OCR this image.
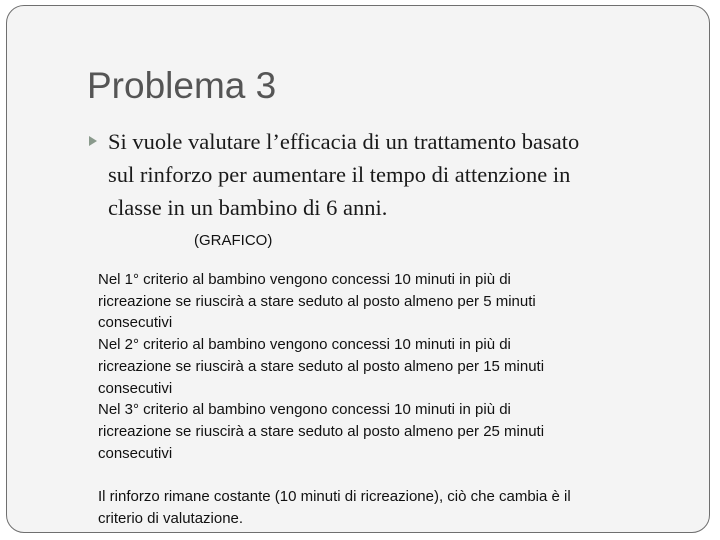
Problema 3

Si vuole valutare l’efficacia di un trattamento basato
sul rinforzo per aumentare il tempo di attenzione in
classe in un bambino di 6 anni.

(GRAFICO)
Nel 1° criterio al bambino vengono concessi 10 minuti in più di
ricreazione se riuscirà a stare seduto al posto almeno per 5 minuti
consecutivi
Nel 2° criterio al bambino vengono concessi 10 minuti in più di
ricreazione se riuscirà a stare seduto al posto almeno per 15 minuti
consecutivi
Nel 3° criterio al bambino vengono concessi 10 minuti in più di
ricreazione se riuscirà a stare seduto al posto almeno per 25 minuti
consecutivi
Il rinforzo rimane costante (10 minuti di ricreazione), ciò che cambia è il
criterio di valutazione.
